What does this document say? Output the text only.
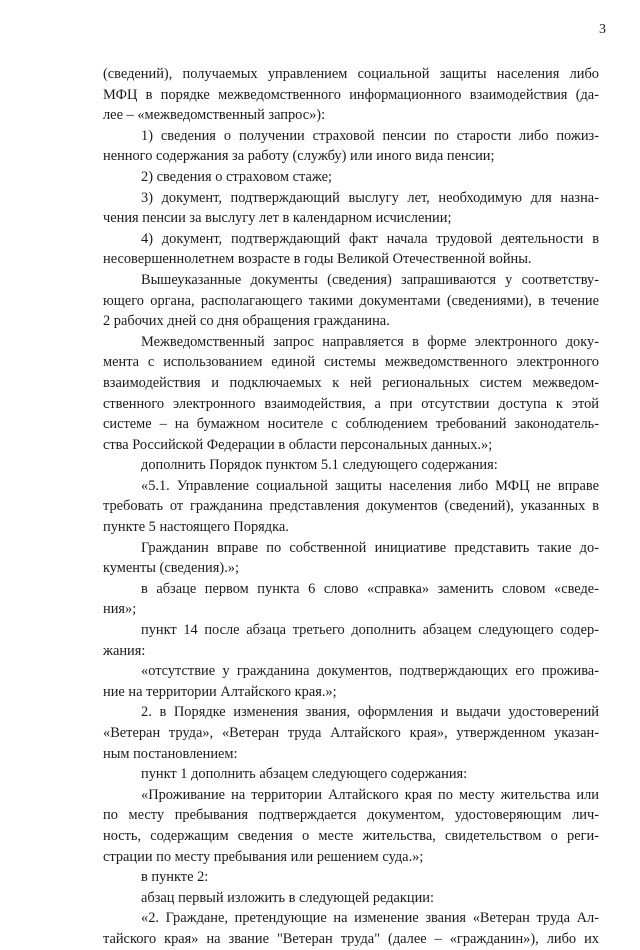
3
(сведений), получаемых управлением социальной защиты населения либо
МФЦ в порядке межведомственного информационного взаимодействия (да-
лее – «межведомственный запрос»):
1) сведения о получении страховой пенсии по старости либо пожиз-
ненного содержания за работу (службу) или иного вида пенсии;
2) сведения о страховом стаже;
3) документ, подтверждающий выслугу лет, необходимую для назна-
чения пенсии за выслугу лет в календарном исчислении;
4) документ, подтверждающий факт начала трудовой деятельности в
несовершеннолетнем возрасте в годы Великой Отечественной войны.
Вышеуказанные документы (сведения) запрашиваются у соответству-
ющего органа, располагающего такими документами (сведениями), в течение
2 рабочих дней со дня обращения гражданина.
Межведомственный запрос направляется в форме электронного доку-
мента с использованием единой системы межведомственного электронного
взаимодействия и подключаемых к ней региональных систем межведом-
ственного электронного взаимодействия, а при отсутствии доступа к этой
системе – на бумажном носителе с соблюдением требований законодатель-
ства Российской Федерации в области персональных данных.»;
дополнить Порядок пунктом 5.1 следующего содержания:
«5.1. Управление социальной защиты населения либо МФЦ не вправе
требовать от гражданина представления документов (сведений), указанных в
пункте 5 настоящего Порядка.
Гражданин вправе по собственной инициативе представить такие до-
кументы (сведения).»;
в абзаце первом пункта 6 слово «справка» заменить словом «сведе-
ния»;
пункт 14 после абзаца третьего дополнить абзацем следующего содер-
жания:
«отсутствие у гражданина документов, подтверждающих его прожива-
ние на территории Алтайского края.»;
2. в Порядке изменения звания, оформления и выдачи удостоверений
«Ветеран труда», «Ветеран труда Алтайского края», утвержденном указан-
ным постановлением:
пункт 1 дополнить абзацем следующего содержания:
«Проживание на территории Алтайского края по месту жительства или
по месту пребывания подтверждается документом, удостоверяющим лич-
ность, содержащим сведения о месте жительства, свидетельством о реги-
страции по месту пребывания или решением суда.»;
в пункте 2:
абзац первый изложить в следующей редакции:
«2. Граждане, претендующие на изменение звания «Ветеран труда Ал-
тайского края» на звание "Ветеран труда" (далее – «гражданин»), либо их
